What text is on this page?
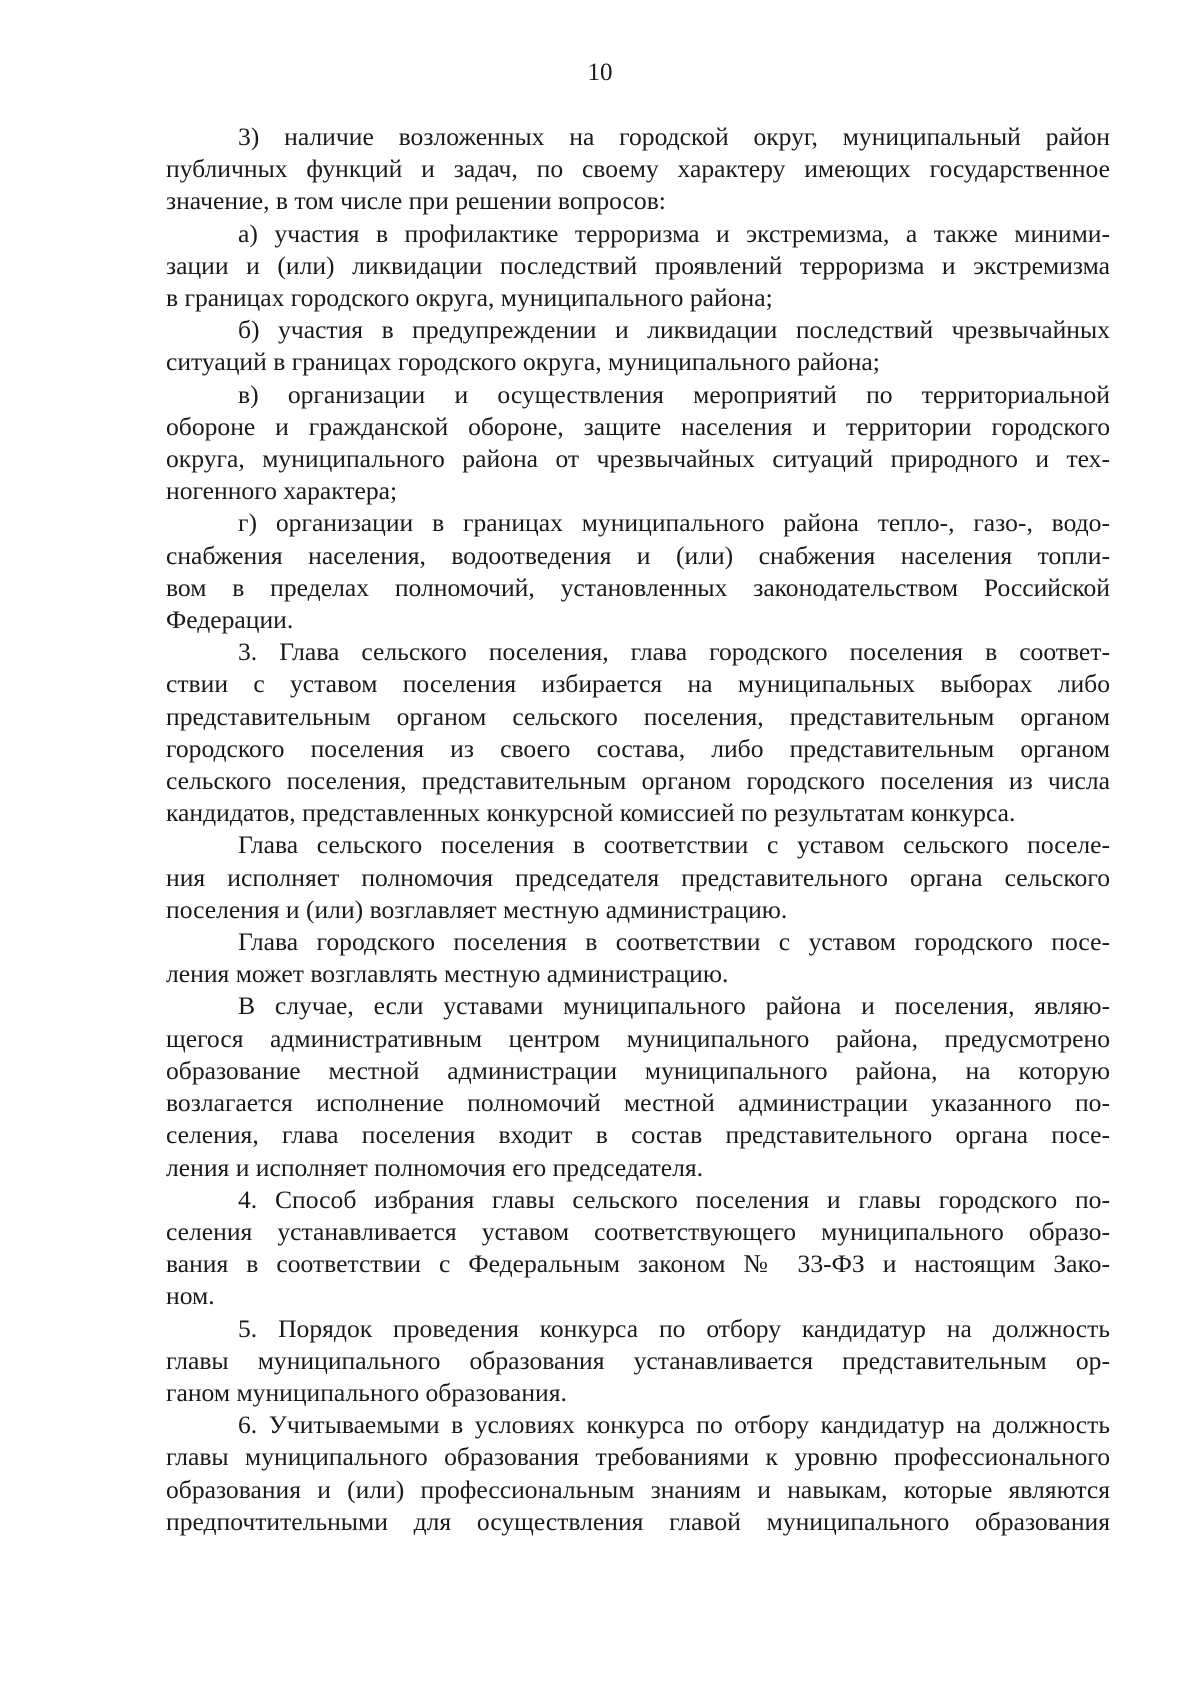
10
3) наличие возложенных на городской округ, муниципальный район
публичных функций и задач, по своему характеру имеющих государственное
значение, в том числе при решении вопросов:
а) участия в профилактике терроризма и экстремизма, а также миними-
зации и (или) ликвидации последствий проявлений терроризма и экстремизма
в границах городского округа, муниципального района;
б) участия в предупреждении и ликвидации последствий чрезвычайных
ситуаций в границах городского округа, муниципального района;
в) организации и осуществления мероприятий по территориальной
обороне и гражданской обороне, защите населения и территории городского
округа, муниципального района от чрезвычайных ситуаций природного и тех-
ногенного характера;
г) организации в границах муниципального района тепло-, газо-, водо-
снабжения населения, водоотведения и (или) снабжения населения топли-
вом в пределах полномочий, установленных законодательством Российской
Федерации.
3. Глава сельского поселения, глава городского поселения в соответ-
ствии с уставом поселения избирается на муниципальных выборах либо
представительным органом сельского поселения, представительным органом
городского поселения из своего состава, либо представительным органом
сельского поселения, представительным органом городского поселения из числа
кандидатов, представленных конкурсной комиссией по результатам конкурса.
Глава сельского поселения в соответствии с уставом сельского поселе-
ния исполняет полномочия председателя представительного органа сельского
поселения и (или) возглавляет местную администрацию.
Глава городского поселения в соответствии с уставом городского посе-
ления может возглавлять местную администрацию.
В случае, если уставами муниципального района и поселения, являю-
щегося административным центром муниципального района, предусмотрено
образование местной администрации муниципального района, на которую
возлагается исполнение полномочий местной администрации указанного по-
селения, глава поселения входит в состав представительного органа посе-
ления и исполняет полномочия его председателя.
4. Способ избрания главы сельского поселения и главы городского по-
селения устанавливается уставом соответствующего муниципального образо-
вания в соответствии с Федеральным законом № 33-ФЗ и настоящим Зако-
ном.
5. Порядок проведения конкурса по отбору кандидатур на должность
главы муниципального образования устанавливается представительным ор-
ганом муниципального образования.
6. Учитываемыми в условиях конкурса по отбору кандидатур на должность
главы муниципального образования требованиями к уровню профессионального
образования и (или) профессиональным знаниям и навыкам, которые являются
предпочтительными для осуществления главой муниципального образования
